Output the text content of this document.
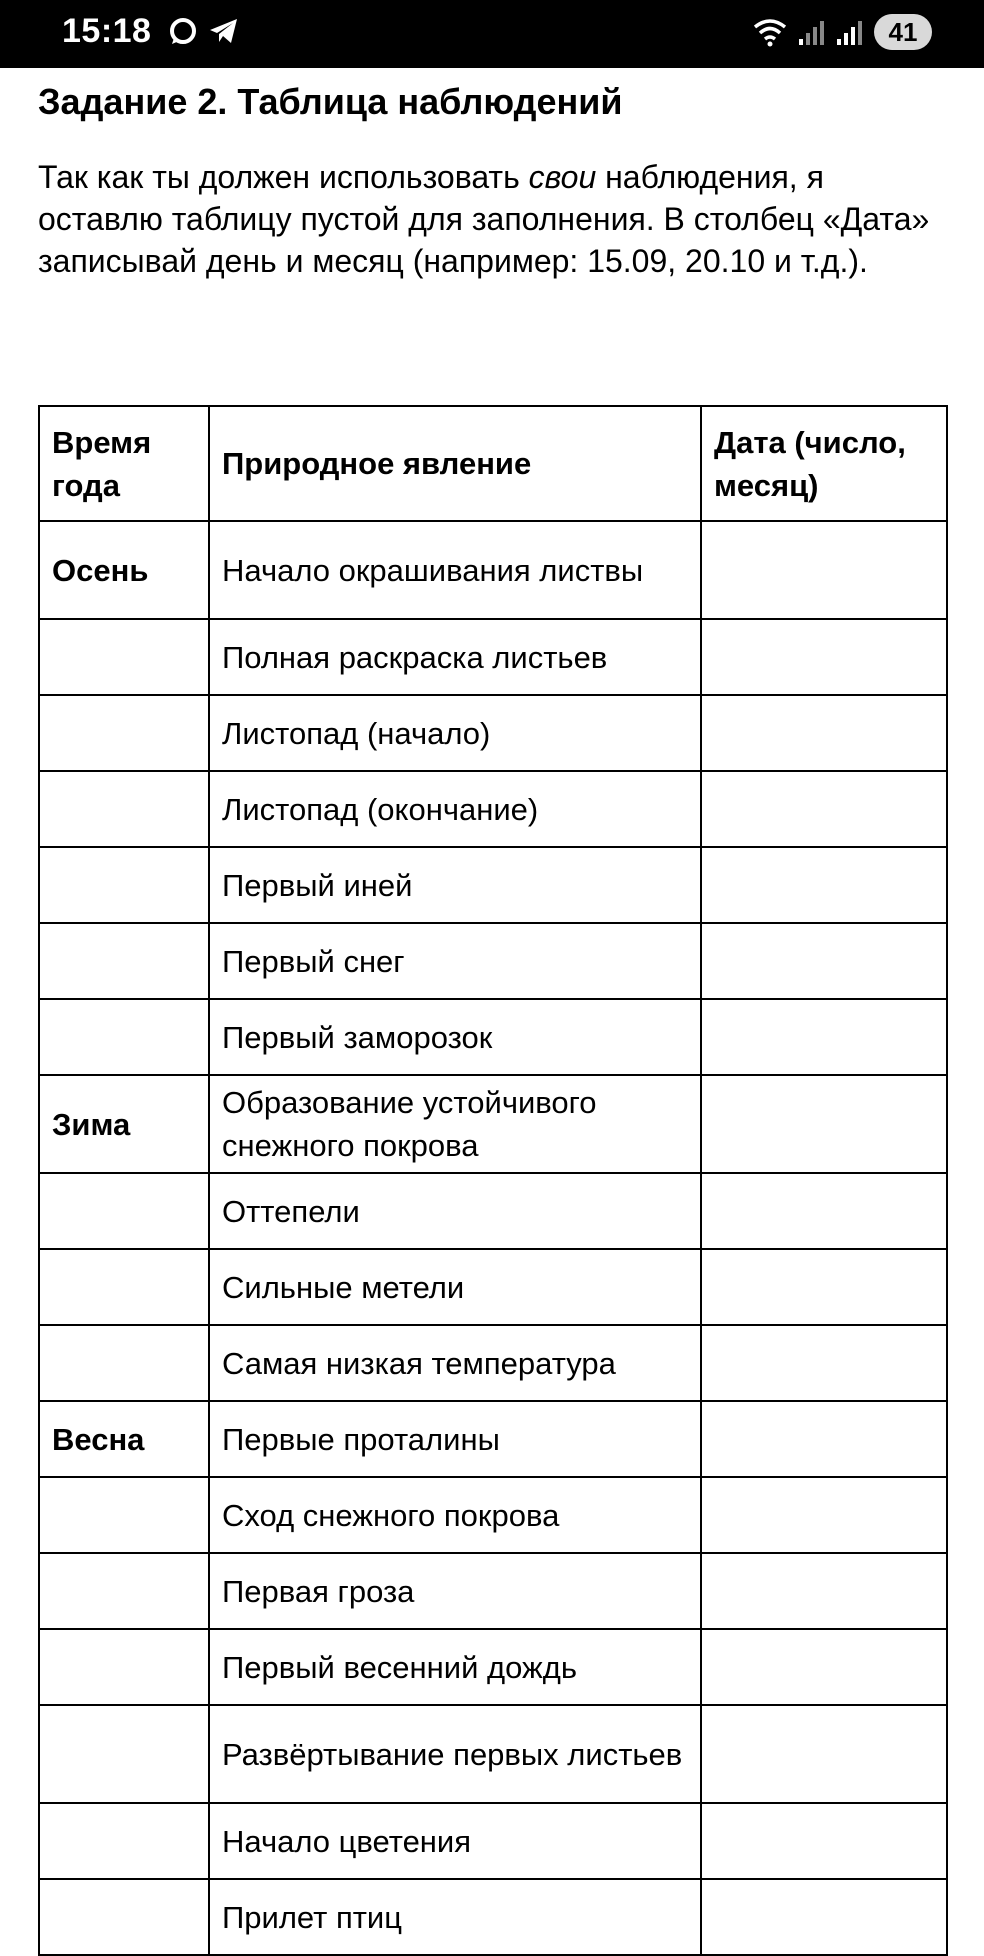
15:18	41
Задание 2. Таблица наблюдений
Так как ты должен использовать свои наблюдения, я оставлю таблицу пустой для заполнения. В столбец «Дата» записывай день и месяц (например: 15.09, 20.10 и т.д.).
Время года	Природное явление	Дата (число, месяц)
Осень	Начало окрашивания листвы	
	Полная раскраска листьев	
	Листопад (начало)	
	Листопад (окончание)	
	Первый иней	
	Первый снег	
	Первый заморозок	
Зима	Образование устойчивого снежного покрова	
	Оттепели	
	Сильные метели	
	Самая низкая температура	
Весна	Первые проталины	
	Сход снежного покрова	
	Первая гроза	
	Первый весенний дождь	
	Развёртывание первых листьев	
	Начало цветения	
	Прилет птиц	
